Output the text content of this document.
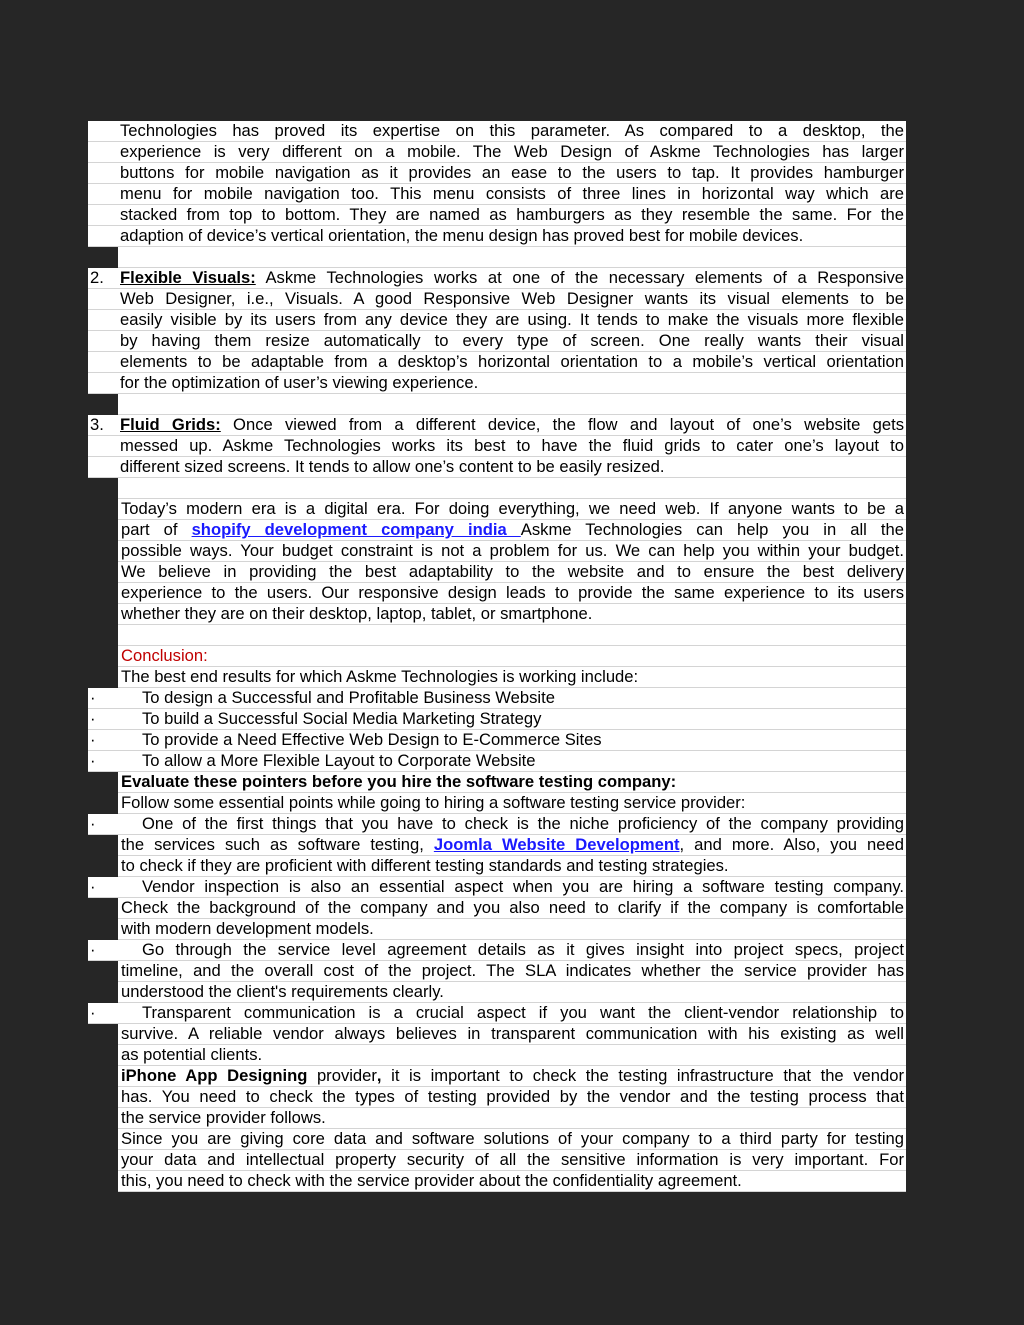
Technologies has proved its expertise on this parameter. As compared to a desktop, the
experience is very different on a mobile. The Web Design of Askme Technologies has larger
buttons for mobile navigation as it provides an ease to the users to tap. It provides hamburger
menu for mobile navigation too. This menu consists of three lines in horizontal way which are
stacked from top to bottom. They are named as hamburgers as they resemble the same. For the
adaption of device’s vertical orientation, the menu design has proved best for mobile devices.
2. Flexible Visuals: Askme Technologies works at one of the necessary elements of a Responsive
Web Designer, i.e., Visuals. A good Responsive Web Designer wants its visual elements to be
easily visible by its users from any device they are using. It tends to make the visuals more flexible
by having them resize automatically to every type of screen. One really wants their visual
elements to be adaptable from a desktop’s horizontal orientation to a mobile’s vertical orientation
for the optimization of user’s viewing experience.
3. Fluid Grids: Once viewed from a different device, the flow and layout of one’s website gets
messed up. Askme Technologies works its best to have the fluid grids to cater one’s layout to
different sized screens. It tends to allow one’s content to be easily resized.
Today’s modern era is a digital era. For doing everything, we need web. If anyone wants to be a
part of shopify development company india Askme Technologies can help you in all the
possible ways. Your budget constraint is not a problem for us. We can help you within your budget.
We believe in providing the best adaptability to the website and to ensure the best delivery
experience to the users. Our responsive design leads to provide the same experience to its users
whether they are on their desktop, laptop, tablet, or smartphone.
Conclusion:
The best end results for which Askme Technologies is working include:
·	To design a Successful and Profitable Business Website
·	To build a Successful Social Media Marketing Strategy
·	To provide a Need Effective Web Design to E-Commerce Sites
·	To allow a More Flexible Layout to Corporate Website
Evaluate these pointers before you hire the software testing company:
Follow some essential points while going to hiring a software testing service provider:
·	One of the first things that you have to check is the niche proficiency of the company providing
the services such as software testing, Joomla Website Development, and more. Also, you need
to check if they are proficient with different testing standards and testing strategies.
·	Vendor inspection is also an essential aspect when you are hiring a software testing company.
Check the background of the company and you also need to clarify if the company is comfortable
with modern development models.
·	Go through the service level agreement details as it gives insight into project specs, project
timeline, and the overall cost of the project. The SLA indicates whether the service provider has
understood the client's requirements clearly.
·	Transparent communication is a crucial aspect if you want the client-vendor relationship to
survive. A reliable vendor always believes in transparent communication with his existing as well
as potential clients.
iPhone App Designing provider, it is important to check the testing infrastructure that the vendor
has. You need to check the types of testing provided by the vendor and the testing process that
the service provider follows.
Since you are giving core data and software solutions of your company to a third party for testing
your data and intellectual property security of all the sensitive information is very important. For
this, you need to check with the service provider about the confidentiality agreement.
